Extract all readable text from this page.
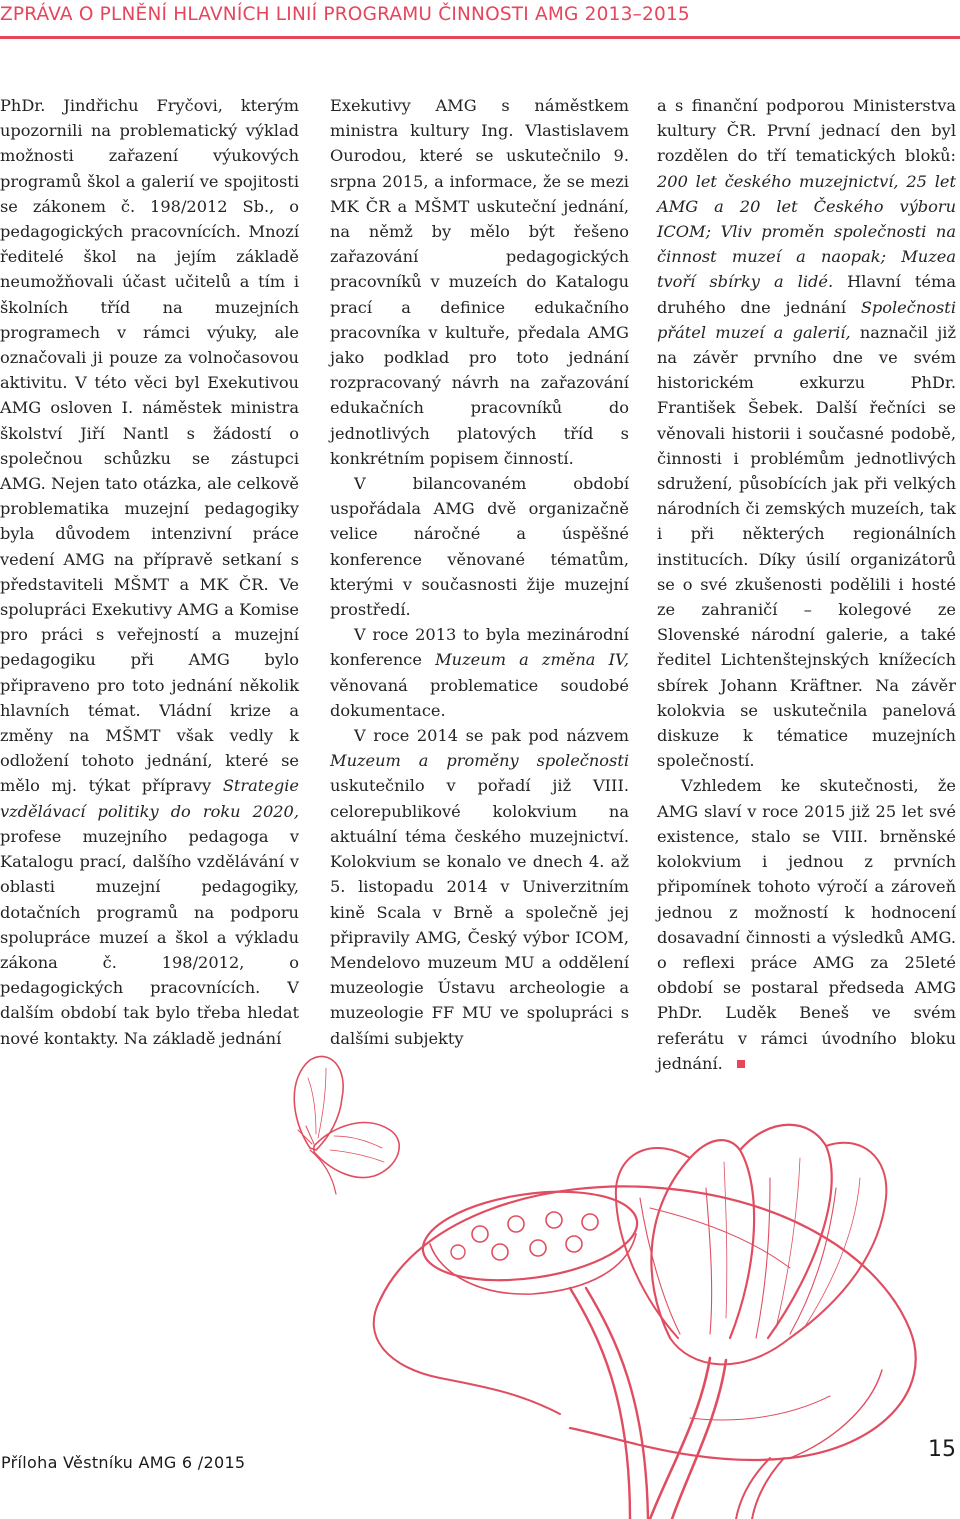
ZPRÁVA O PLNĚNÍ HLAVNÍCH LINIÍ PROGRAMU ČINNOSTI AMG 2013–2015

PhDr. Jindřichu Fryčovi, kterým upozornili na problematický výklad možnosti zařazení výukových programů škol a galerií ve spojitosti se zákonem č. 198/2012 Sb., o pedagogických pracovnících. Mnozí ředitelé škol na jejím základě neumožňovali účast učitelů a tím i školních tříd na muzejních programech v rámci výuky, ale označovali ji pouze za volnočasovou aktivitu. V této věci byl Exekutivou AMG osloven I. náměstek ministra školství Jiří Nantl s žádostí o společnou schůzku se zástupci AMG. Nejen tato otázka, ale celkově problematika muzejní pedagogiky byla důvodem intenzivní práce vedení AMG na přípravě setkaní s představiteli MŠMT a MK ČR. Ve spolupráci Exekutivy AMG a Komise pro práci s veřejností a muzejní pedagogiku při AMG bylo připraveno pro toto jednání několik hlavních témat. Vládní krize a změny na MŠMT však vedly k odložení tohoto jednání, které se mělo mj. týkat přípravy Strategie vzdělávací politiky do roku 2020, profese muzejního pedagoga v Katalogu prací, dalšího vzdělávání v oblasti muzejní pedagogiky, dotačních programů na podporu spolupráce muzeí a škol a výkladu zákona č. 198/2012, o pedagogických pracovnících. V dalším období tak bylo třeba hledat nové kontakty. Na základě jednání

Exekutivy AMG s náměstkem ministra kultury Ing. Vlastislavem Ourodou, které se uskutečnilo 9. srpna 2015, a informace, že se mezi MK ČR a MŠMT uskuteční jednání, na němž by mělo být řešeno zařazování pedagogických pracovníků v muzeích do Katalogu prací a definice edukačního pracovníka v kultuře, předala AMG jako podklad pro toto jednání rozpracovaný návrh na zařazování edukačních pracovníků do jednotlivých platových tříd s konkrétním popisem činností.

V bilancovaném období uspořádala AMG dvě organizačně velice náročné a úspěšné konference věnované tématům, kterými v současnosti žije muzejní prostředí.

V roce 2013 to byla mezinárodní konference Muzeum a změna IV, věnovaná problematice soudobé dokumentace.

V roce 2014 se pak pod názvem Muzeum a proměny společnosti uskutečnilo v pořadí již VIII. celorepublikové kolokvium na aktuální téma českého muzejnictví. Kolokvium se konalo ve dnech 4. až 5. listopadu 2014 v Univerzitním kině Scala v Brně a společně jej připravily AMG, Český výbor ICOM, Mendelovo muzeum MU a oddělení muzeologie Ústavu archeologie a muzeologie FF MU ve spolupráci s dalšími subjekty

a s finanční podporou Ministerstva kultury ČR. První jednací den byl rozdělen do tří tematických bloků: 200 let českého muzejnictví, 25 let AMG a 20 let Českého výboru ICOM; Vliv proměn společnosti na činnost muzeí a naopak; Muzea tvoří sbírky a lidé. Hlavní téma druhého dne jednání Společnosti přátel muzeí a galerií, naznačil již na závěr prvního dne ve svém historickém exkurzu PhDr. František Šebek. Další řečníci se věnovali historii i současné podobě, činnosti i problémům jednotlivých sdružení, působících jak při velkých národních či zemských muzeích, tak i při některých regionálních institucích. Díky úsilí organizátorů se o své zkušenosti podělili i hosté ze zahraničí – kolegové ze Slovenské národní galerie, a také ředitel Lichtenštejnských knížecích sbírek Johann Kräftner. Na závěr kolokvia se uskutečnila panelová diskuze k tématice muzejních společností.

Vzhledem ke skutečnosti, že AMG slaví v roce 2015 již 25 let své existence, stalo se VIII. brněnské kolokvium i jednou z prvních připomínek tohoto výročí a zároveň jednou z možností k hodnocení dosavadní činnosti a výsledků AMG. o reflexi práce AMG za 25leté období se postaral předseda AMG PhDr. Luděk Beneš ve svém referátu v rámci úvodního bloku jednání.

Příloha Věstníku AMG 6 /2015
15
